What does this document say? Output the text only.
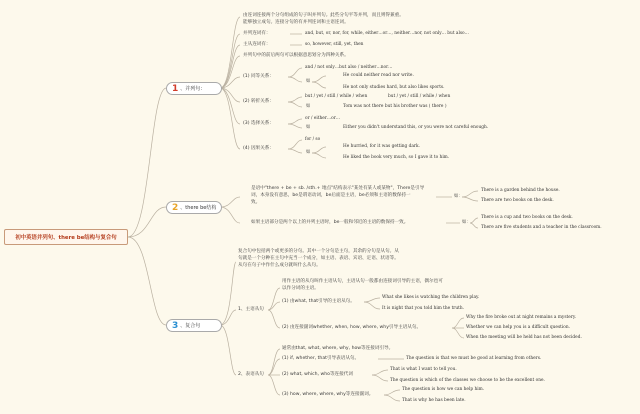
初中英语并列句、there be结构与复合句
1 、并列句：
2 、there be结构
3 、复合句
由连词连接两个分句组成的句子叫并列句。此些分句平等并列，而且则得兼重。
能够独立成句。连接分句的有并列连词和主语连词。
并列连词有：	and, but, or, nor, for, while, either…or…, neither…nor, not only… but also…
主从连词有：	so, however, still, yet, then
并列句中的前后两句可以根据意思划分为四种关系。
(1) 同等关系：
and / not only…but also / neither…nor…
如
He could neither read nor write.
He not only studies hard, but also likes sports.
(2) 转折关系：
but / yet / still / while / when	but / yet / still / while / when
如	Tom was not there but his brother was ( there )
(3) 选择关系：
or / either…or…
如	Either you didn't understand this, or you were not careful enough.
(4) 因果关系：
for / so
如
He hurried, for it was getting dark.
He liked the book very much, so I gave it to him.
是语中"there + be + sb. /sth.+ 地点"结构表示"某处有某人或某物"，There是引导
词，本身没有意思，be是谓语动词，be后面是主语，be必须和主语的数保持一
致。
如：
There is a garden behind the house.
There are two books on the desk.
如果主语部分是两个以上的并列主语时，be一般和邻近的主语的数保持一致。	如：
There is a cup and two books on the desk.
There are five students and a teacher in the classroom.
复合句中包括两个或更多的分句。其中一个分句是主句，其余的分句是从句。从
句就是一个分种在主句中充当一个成分，如主语、表语、宾语、定语、状语等。
从句在句子中作什么成分就叫什么从句。
1、主语从句
用作主语的从句叫作主语从句，主语从句一般都由连接词引导的主语，偶尔也可
以作分词的主语。
(1) 由what, that引导的主语从句。
What she likes is watching the children play.
It is night that you told him the truth.
(2) 由连接副词whether, when, how, where, why引导主语从句。
Why the fire broke out at night remains a mystery.
Whether we can help you is a difficult question.
When the meeting will be held has not been decided.
2、表语从句
通常由that, what, where, why, how等连接词引导。
(1) if, whether, that引导表语从句。	The question is that we must be good at learning from others.
(2) what, which, who等连接代词
That is what I want to tell you.
The question is which of the classes we choose to be the excellent one.
(3) how, where, where, why等连接副词。
The question is how we can help him.
That is why he has been late.
